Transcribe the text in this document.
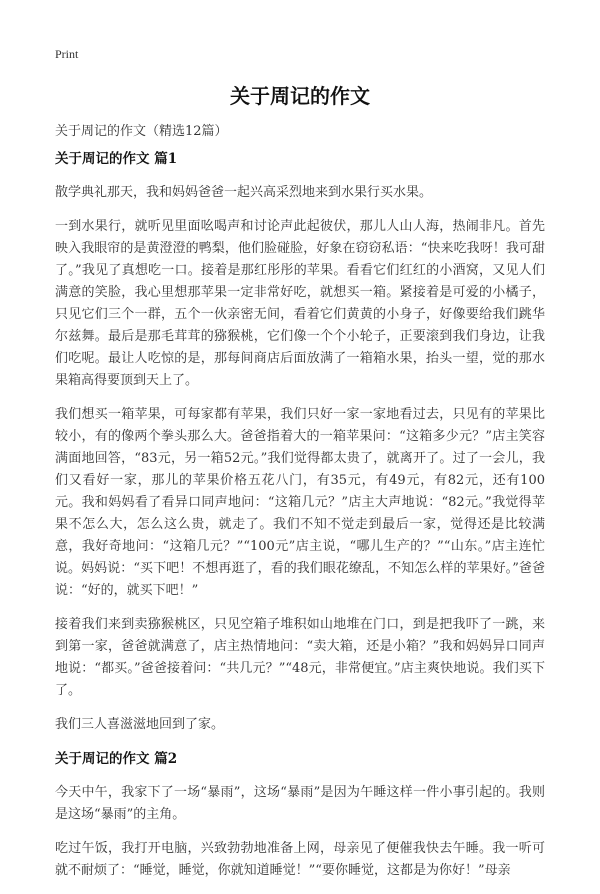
Print
关于周记的作文
关于周记的作文（精选12篇）
关于周记的作文 篇1

散学典礼那天，我和妈妈爸爸一起兴高采烈地来到水果行买水果。

一到水果行，就听见里面吆喝声和讨论声此起彼伏，那儿人山人海，热闹非凡。首先映入我眼帘的是黄澄澄的鸭梨，他们脸碰脸，好象在窃窃私语：“快来吃我呀！我可甜了。”我见了真想吃一口。接着是那红彤彤的苹果。看看它们红红的小酒窝，又见人们满意的笑脸，我心里想那苹果一定非常好吃，就想买一箱。紧接着是可爱的小橘子，只见它们三个一群，五个一伙亲密无间，看着它们黄黄的小身子，好像要给我们跳华尔兹舞。最后是那毛茸茸的猕猴桃，它们像一个个小轮子，正要滚到我们身边，让我们吃呢。最让人吃惊的是，那每间商店后面放满了一箱箱水果，抬头一望，觉的那水果箱高得要顶到天上了。

我们想买一箱苹果，可每家都有苹果，我们只好一家一家地看过去，只见有的苹果比较小，有的像两个拳头那么大。爸爸指着大的一箱苹果问：“这箱多少元？”店主笑容满面地回答，“83元，另一箱52元。”我们觉得都太贵了，就离开了。过了一会儿，我们又看好一家，那儿的苹果价格五花八门，有35元，有49元，有82元，还有100元。我和妈妈看了看异口同声地问：“这箱几元？”店主大声地说：“82元。”我觉得苹果不怎么大，怎么这么贵，就走了。我们不知不觉走到最后一家，觉得还是比较满意，我好奇地问：“这箱几元？”“100元”店主说，“哪儿生产的？”“山东。”店主连忙说。妈妈说：“买下吧！不想再逛了，看的我们眼花缭乱，不知怎么样的苹果好。”爸爸说：“好的，就买下吧！”

接着我们来到卖猕猴桃区，只见空箱子堆积如山地堆在门口，到是把我吓了一跳，来到第一家，爸爸就满意了，店主热情地问：“卖大箱，还是小箱？”我和妈妈异口同声地说：“都买。”爸爸接着问：“共几元？”“48元，非常便宜。”店主爽快地说。我们买下了。

我们三人喜滋滋地回到了家。

关于周记的作文 篇2

今天中午，我家下了一场“暴雨”，这场“暴雨”是因为午睡这样一件小事引起的。我则是这场“暴雨”的主角。

吃过午饭，我打开电脑，兴致勃勃地准备上网，母亲见了便催我快去午睡。我一听可就不耐烦了：“睡觉，睡觉，你就知道睡觉！”“要你睡觉，这都是为你好！”母亲
